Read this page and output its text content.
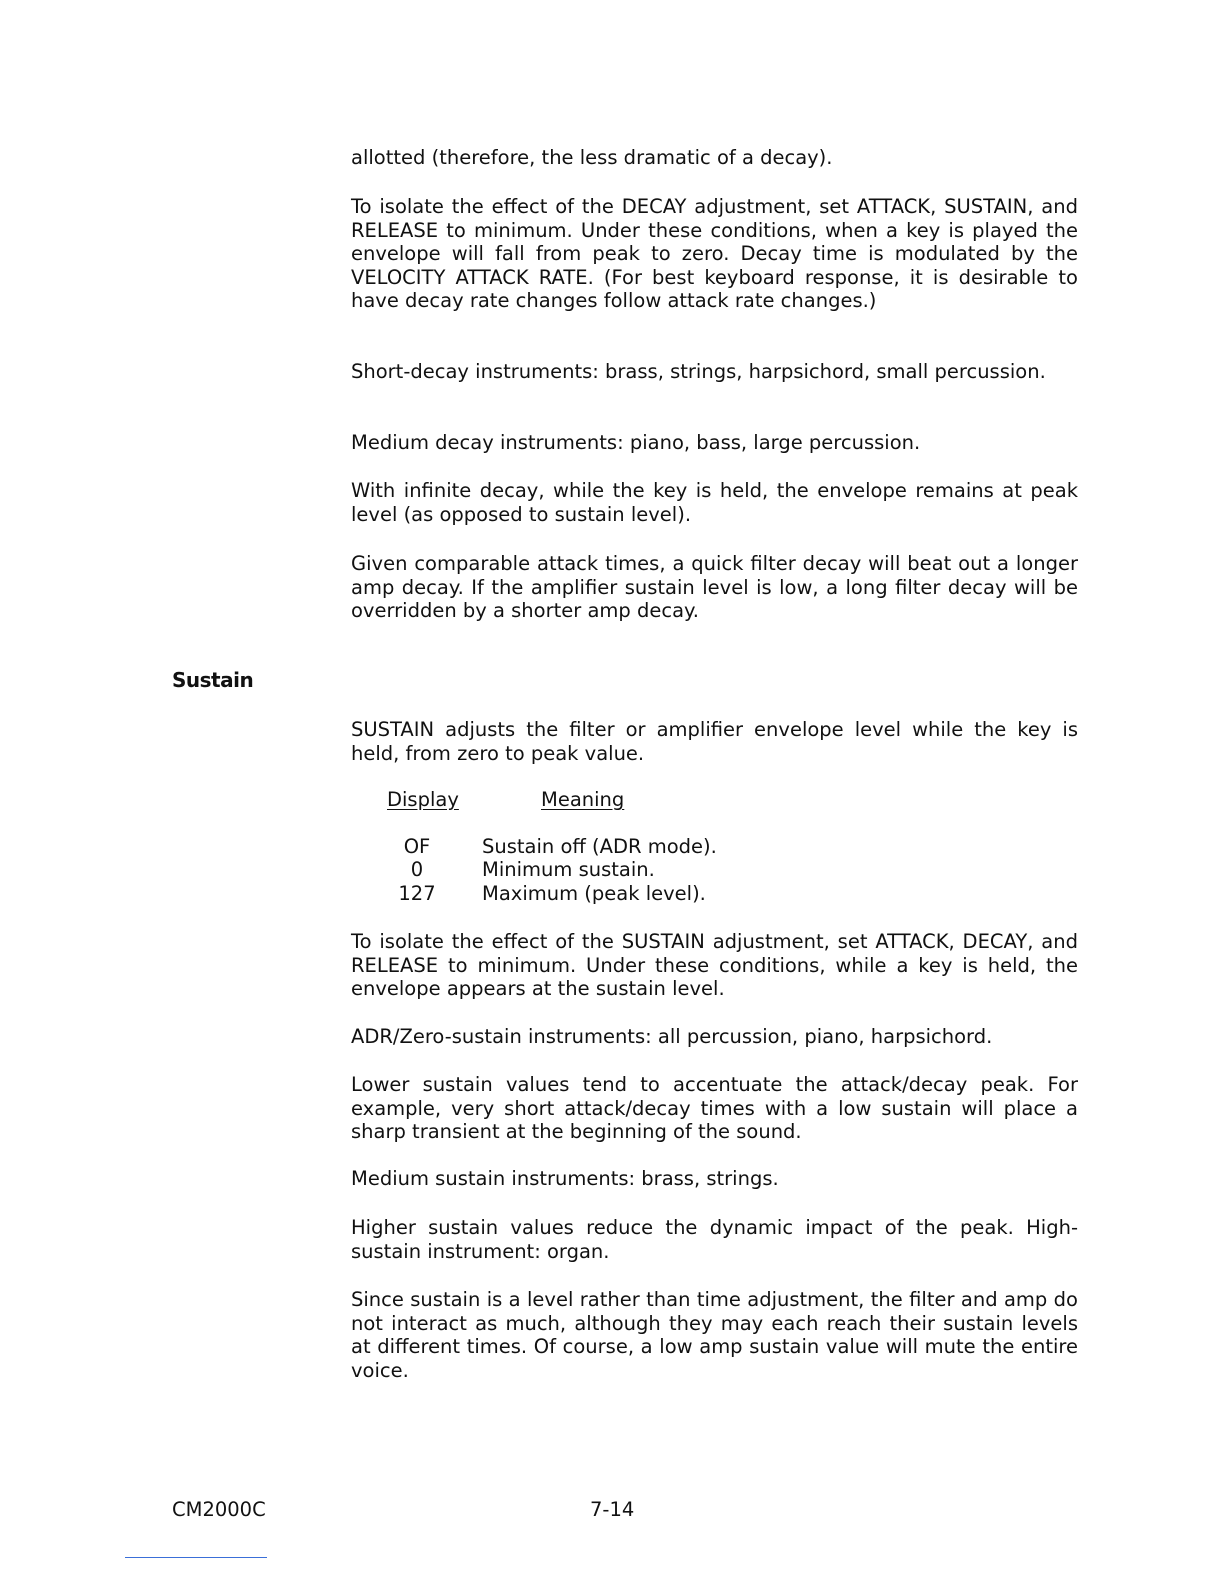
allotted (therefore, the less dramatic of a decay).

To isolate the effect of the DECAY adjustment, set ATTACK, SUSTAIN, and RELEASE to minimum. Under these conditions, when a key is played the envelope will fall from peak to zero. Decay time is modulated by the VELOCITY ATTACK RATE. (For best keyboard response, it is desirable to have decay rate changes follow attack rate changes.)

Short-decay instruments: brass, strings, harpsichord, small percussion.

Medium decay instruments: piano, bass, large percussion.

With infinite decay, while the key is held, the envelope remains at peak level (as opposed to sustain level).

Given comparable attack times, a quick filter decay will beat out a longer amp decay. If the amplifier sustain level is low, a long filter decay will be overridden by a shorter amp decay.

Sustain

SUSTAIN adjusts the filter or amplifier envelope level while the key is held, from zero to peak value.

Display	Meaning
OF	Sustain off (ADR mode).
0	Minimum sustain.
127 Maximum (peak level).

To isolate the effect of the SUSTAIN adjustment, set ATTACK, DECAY, and RELEASE to minimum. Under these conditions, while a key is held, the envelope appears at the sustain level.

ADR/Zero-sustain instruments: all percussion, piano, harpsichord.

Lower sustain values tend to accentuate the attack/decay peak. For example, very short attack/decay times with a low sustain will place a sharp transient at the beginning of the sound.

Medium sustain instruments: brass, strings.

Higher sustain values reduce the dynamic impact of the peak. High-sustain instrument: organ.

Since sustain is a level rather than time adjustment, the filter and amp do not interact as much, although they may each reach their sustain levels at different times. Of course, a low amp sustain value will mute the entire voice.

CM2000C	7-14
